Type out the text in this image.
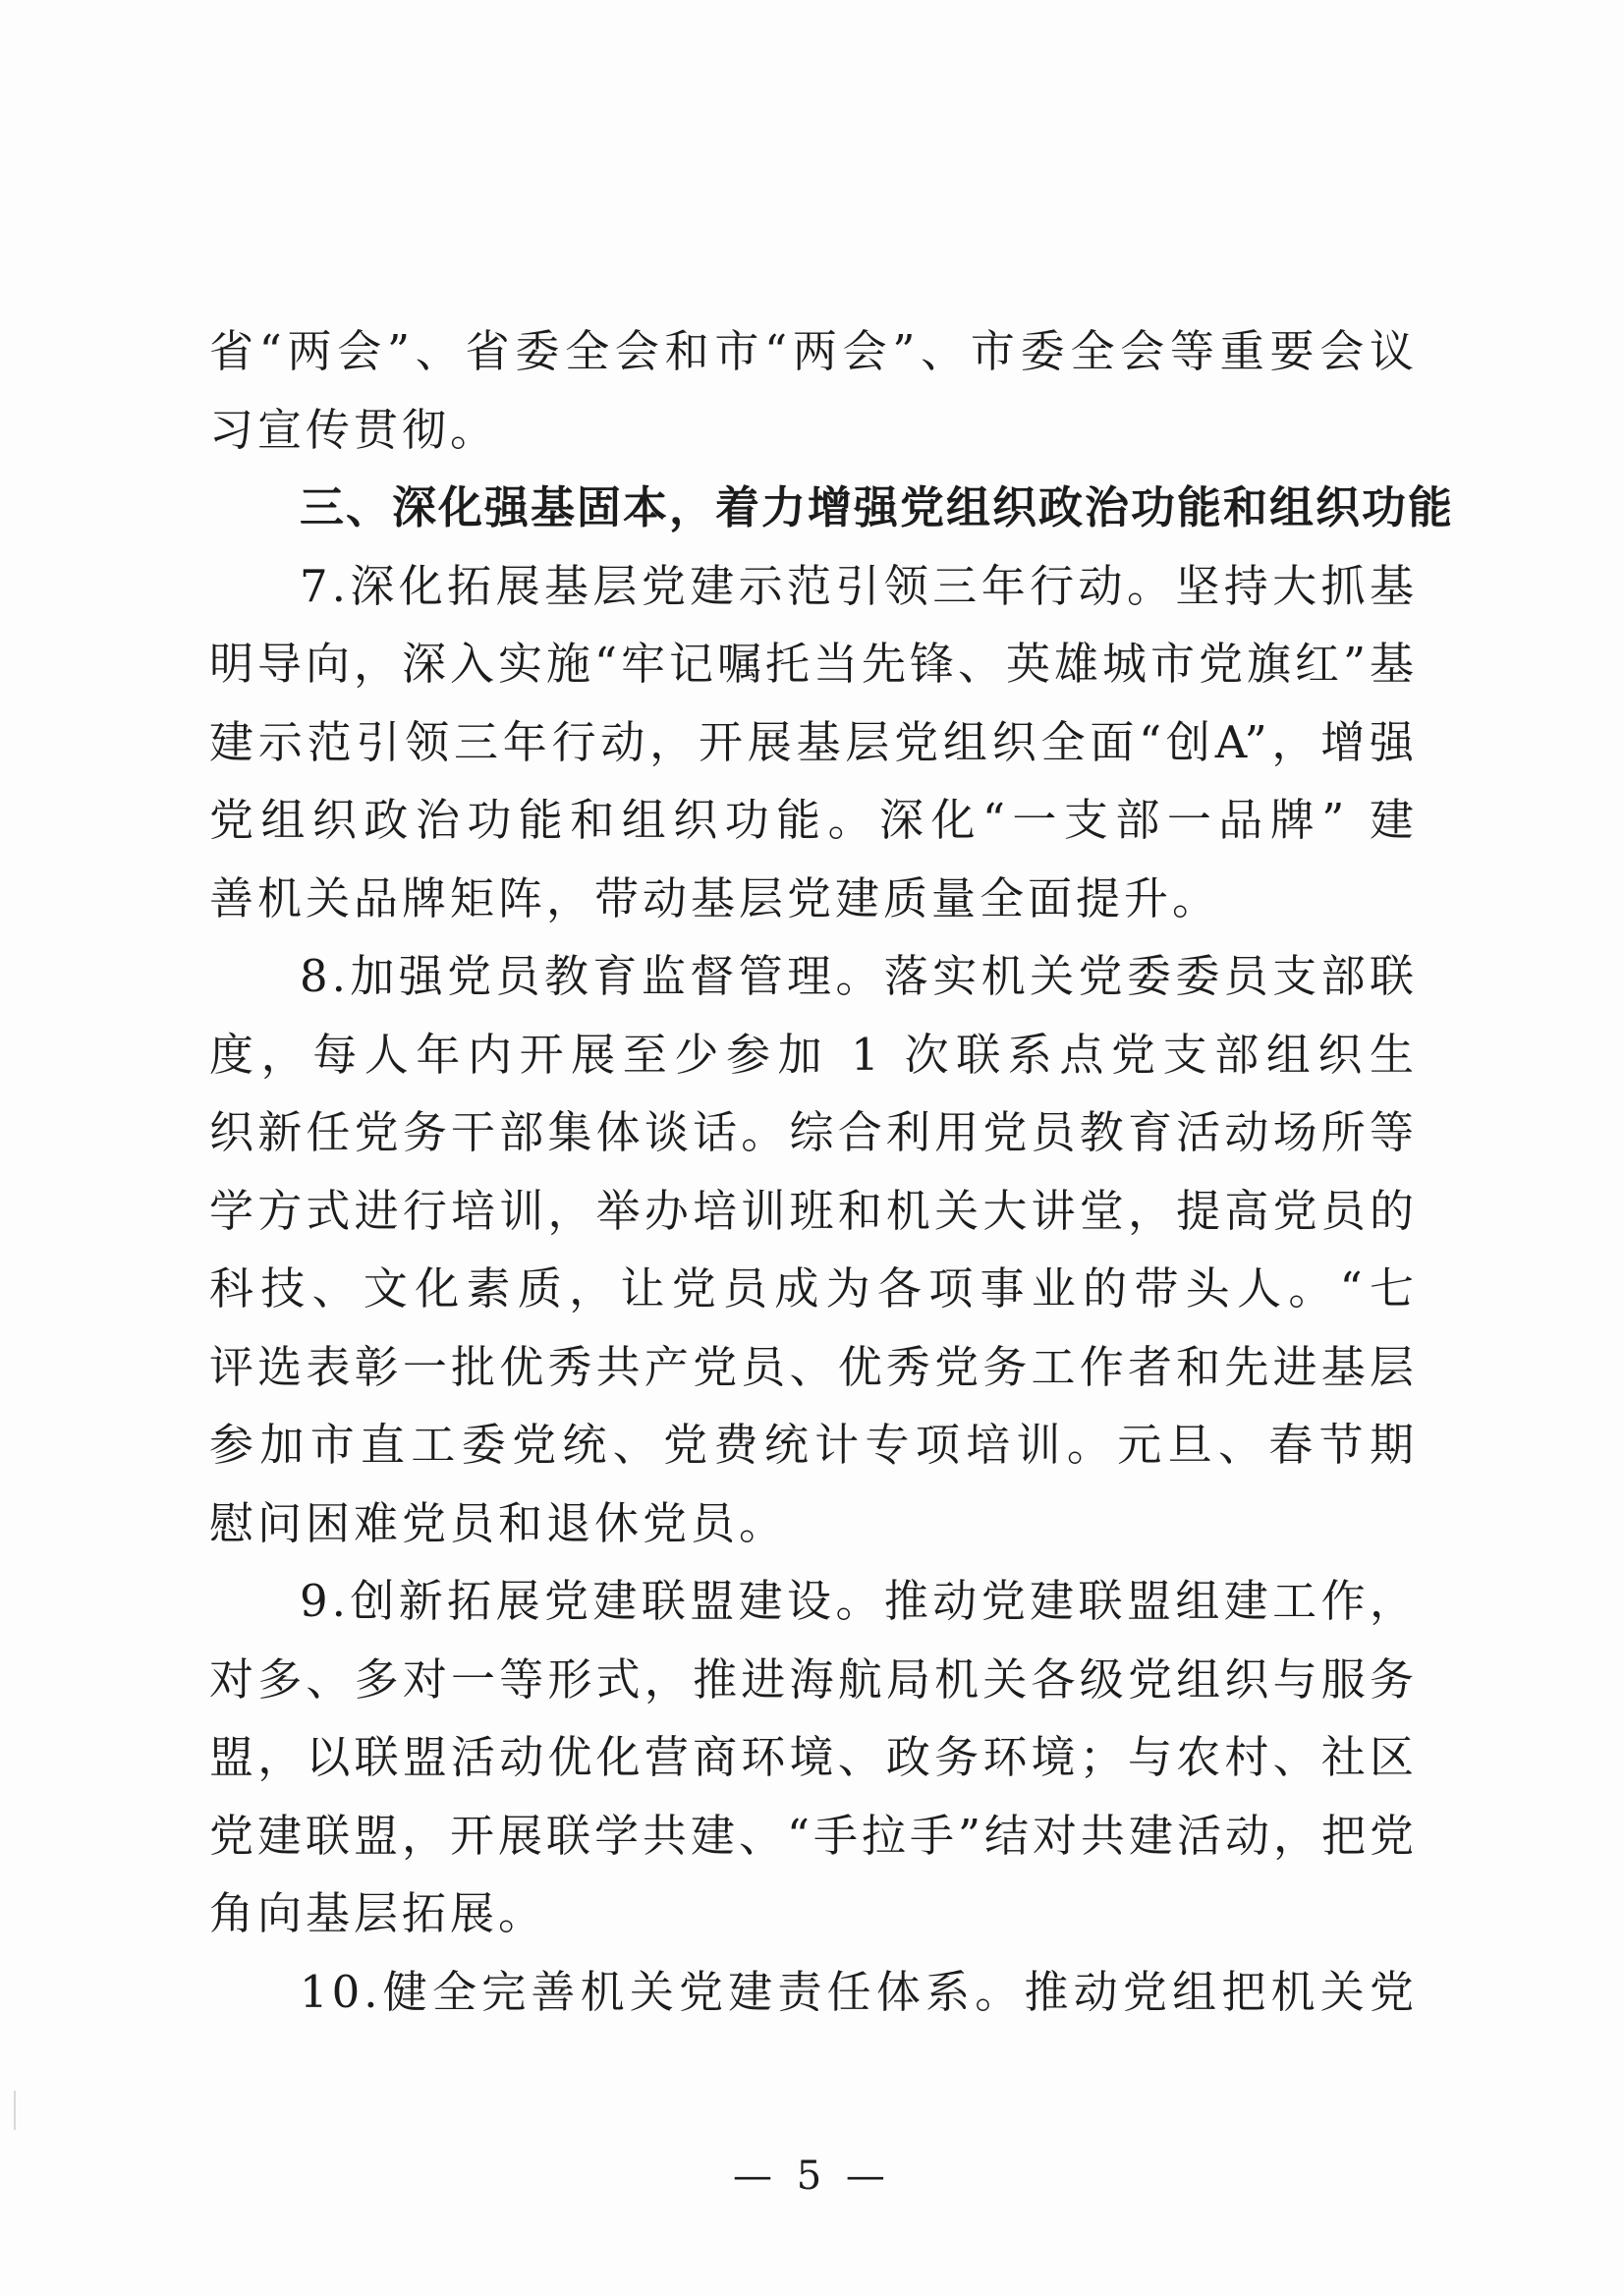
省“两会”、省委全会和市“两会”、市委全会等重要会议
习宣传贯彻。
三、深化强基固本，着力增强党组织政治功能和组织功能
7.深化拓展基层党建示范引领三年行动。坚持大抓基
明导向，深入实施“牢记嘱托当先锋、英雄城市党旗红”基
建示范引领三年行动，开展基层党组织全面“创A”，增强
党组织政治功能和组织功能。深化“一支部一品牌” 建
善机关品牌矩阵，带动基层党建质量全面提升。
8.加强党员教育监督管理。落实机关党委委员支部联
度，每人年内开展至少参加 1 次联系点党支部组织生
织新任党务干部集体谈话。综合利用党员教育活动场所等
学方式进行培训，举办培训班和机关大讲堂，提高党员的
科技、文化素质，让党员成为各项事业的带头人。“七
评选表彰一批优秀共产党员、优秀党务工作者和先进基层
参加市直工委党统、党费统计专项培训。元旦、春节期
慰问困难党员和退休党员。
9.创新拓展党建联盟建设。推动党建联盟组建工作，
对多、多对一等形式，推进海航局机关各级党组织与服务
盟，以联盟活动优化营商环境、政务环境；与农村、社区
党建联盟，开展联学共建、“手拉手”结对共建活动，把党
角向基层拓展。
10.健全完善机关党建责任体系。推动党组把机关党
— 5 —
